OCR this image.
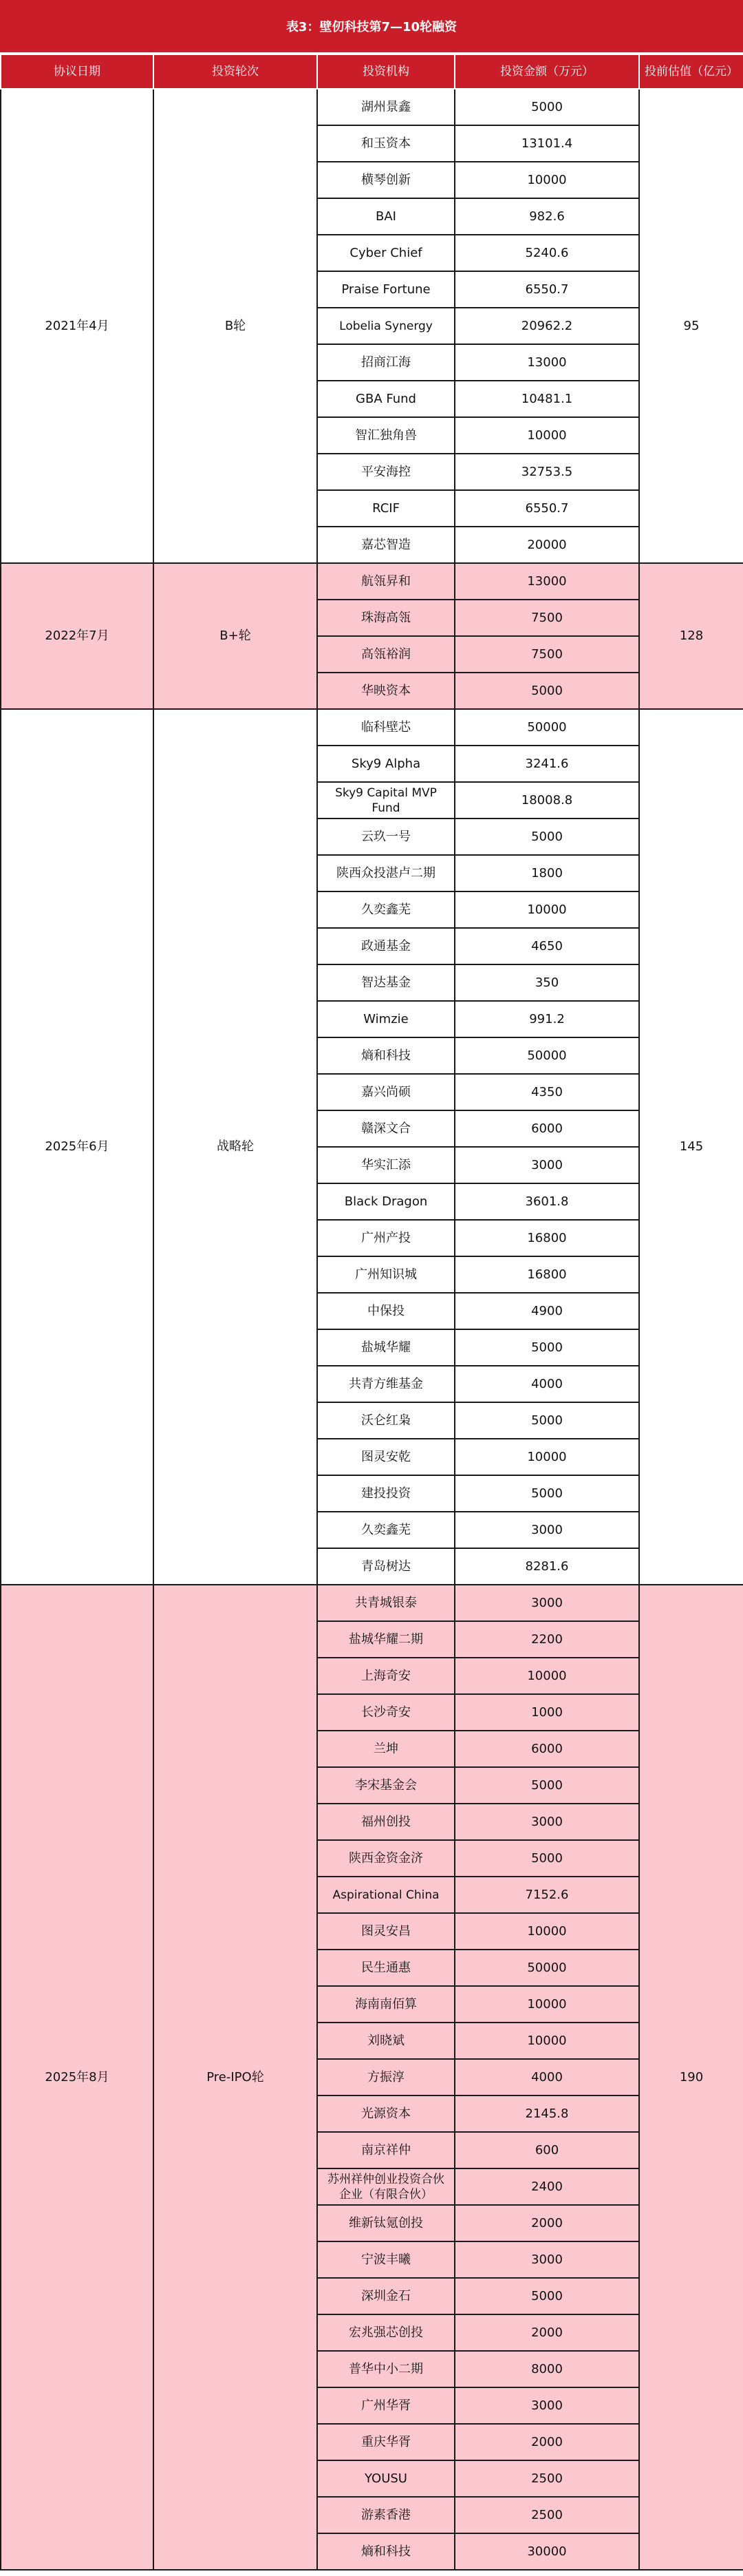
表3：壁仞科技第7—10轮融资
协议日期	投资轮次	投资机构	投资金额（万元）	投前估值（亿元）
2021年4月	B轮	湖州景鑫	5000	95
		和玉资本	13101.4	
		横琴创新	10000	
		BAI	982.6	
		Cyber Chief	5240.6	
		Praise Fortune	6550.7	
		Lobelia Synergy	20962.2	
		招商江海	13000	
		GBA Fund	10481.1	
		智汇独角兽	10000	
		平安海控	32753.5	
		RCIF	6550.7	
		嘉芯智造	20000	
2022年7月	B+轮	航瓴昇和	13000	128
		珠海高瓴	7500	
		高瓴裕润	7500	
		华映资本	5000	
2025年6月	战略轮	临科壁芯	50000	145
		Sky9 Alpha	3241.6	
		Sky9 Capital MVP Fund	18008.8	
		云玖一号	5000	
		陕西众投湛卢二期	1800	
		久奕鑫芜	10000	
		政通基金	4650	
		智达基金	350	
		Wimzie	991.2	
		熵和科技	50000	
		嘉兴尚硕	4350	
		赣深文合	6000	
		华实汇添	3000	
		Black Dragon	3601.8	
		广州产投	16800	
		广州知识城	16800	
		中保投	4900	
		盐城华耀	5000	
		共青方维基金	4000	
		沃仑红枭	5000	
		图灵安乾	10000	
		建投投资	5000	
		久奕鑫芜	3000	
		青岛树达	8281.6	
2025年8月	Pre-IPO轮	共青城银泰	3000	190
		盐城华耀二期	2200	
		上海奇安	10000	
		长沙奇安	1000	
		兰坤	6000	
		李宋基金会	5000	
		福州创投	3000	
		陕西金资金济	5000	
		Aspirational China	7152.6	
		图灵安昌	10000	
		民生通惠	50000	
		海南南佰算	10000	
		刘晓斌	10000	
		方振淳	4000	
		光源资本	2145.8	
		南京祥仲	600	
		苏州祥仲创业投资合伙企业（有限合伙）	2400	
		维新钛氪创投	2000	
		宁波丰曦	3000	
		深圳金石	5000	
		宏兆强芯创投	2000	
		普华中小二期	8000	
		广州华胥	3000	
		重庆华胥	2000	
		YOUSU	2500	
		游素香港	2500	
		熵和科技	30000	
